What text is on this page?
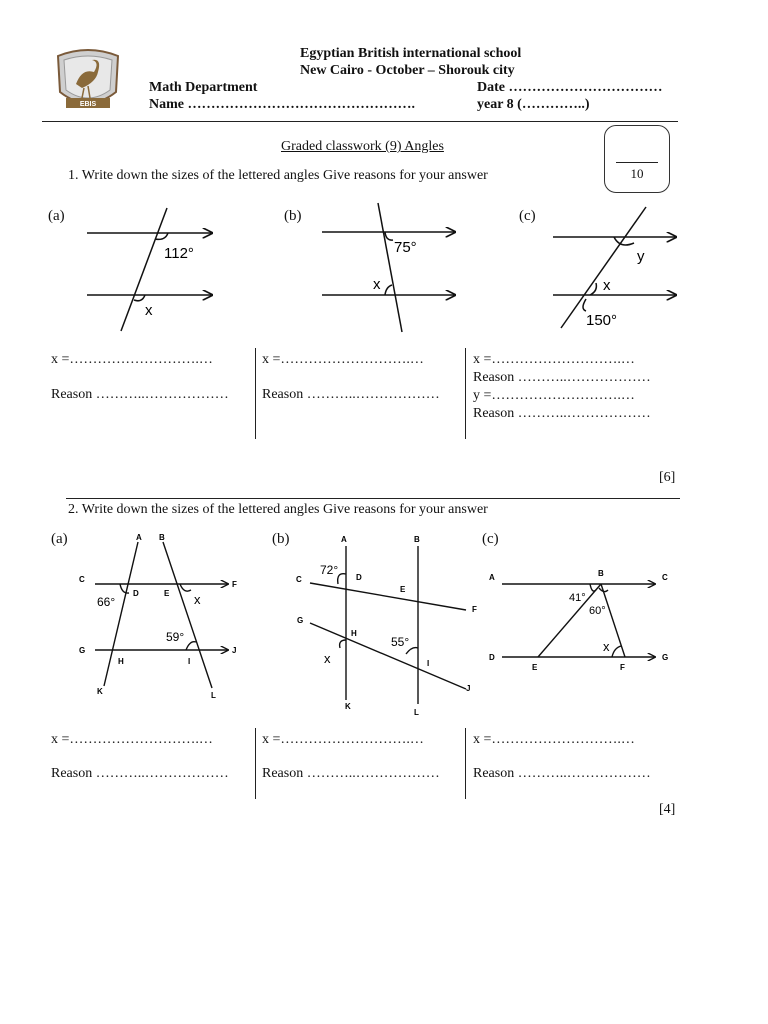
EBIS
Egyptian British international school
New Cairo - October – Shorouk city
Math Department
Name ………………………………………….
Date ……………………………
year 8 (…………..)
10
Graded classwork (9) Angles
1. Write down the sizes of the lettered angles Give reasons for your answer
(a)	(b)	(c)
112°
x
75°
x
y
x
150°
x =……………………….…
Reason ………..………………
x =……………………….…
Reason ………..………………
x =……………………….…
Reason ………..………………
y =……………………….…
Reason ………..………………
[6]
2. Write down the sizes of the lettered angles Give reasons for your answer
(a)	(b)	(c)
A B
C
D	E
F
G
H	I
J
K	L
66°	x
59°
A	B
C	D
E
F
G
H
I
J
K
L
72°
x
55°
A	B	C
D
E	F
G
41°
60°
x
x =……………………….…
Reason ………..………………
x =……………………….…
Reason ………..………………
x =……………………….…
Reason ………..………………
[4]
